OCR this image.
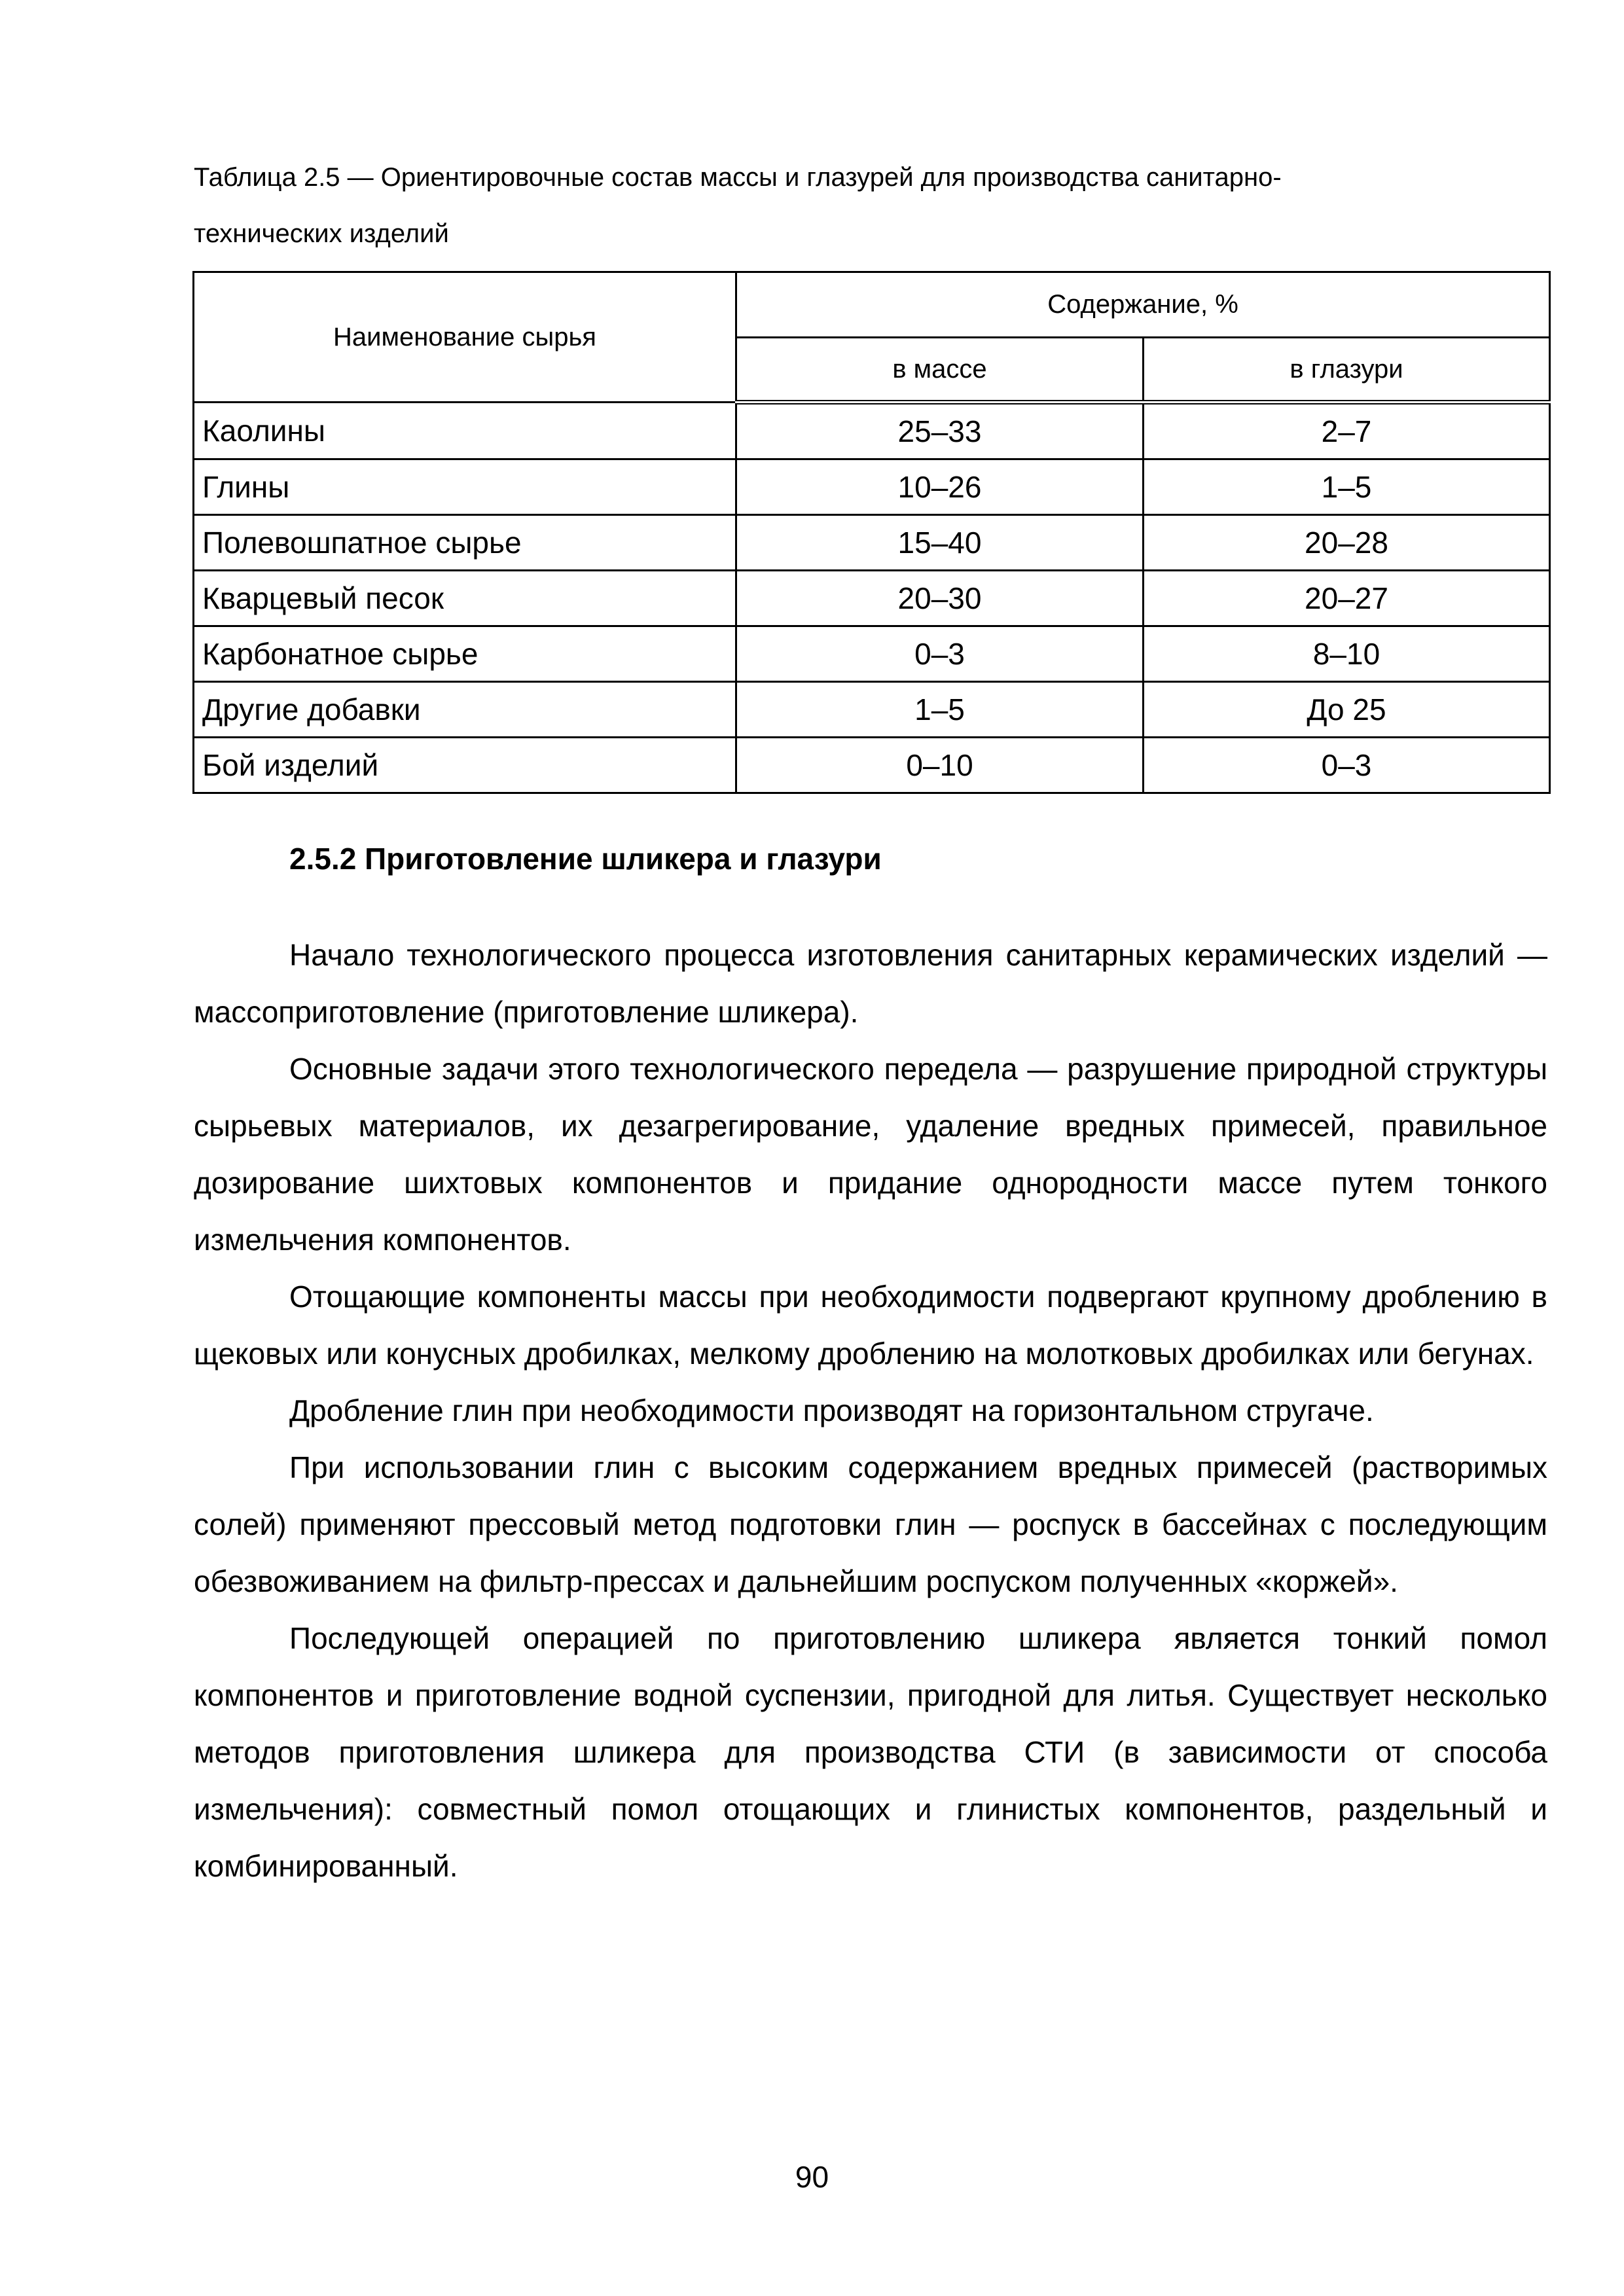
Таблица 2.5 — Ориентировочные состав массы и глазурей для производства санитарно-
технических изделий
Наименование сырья	Содержание, %	
	в массе	в глазури
Каолины	25–33	2–7
Глины	10–26	1–5
Полевошпатное сырье	15–40	20–28
Кварцевый песок	20–30	20–27
Карбонатное сырье	0–3	8–10
Другие добавки	1–5	До 25
Бой изделий	0–10	0–3
2.5.2 Приготовление шликера и глазури

Начало технологического процесса изготовления санитарных керамических изделий — массоприготовление (приготовление шликера).

Основные задачи этого технологического передела — разрушение природной структуры сырьевых материалов, их дезагрегирование, удаление вредных примесей, правильное дозирование шихтовых компонентов и придание однородности массе путем тонкого измельчения компонентов.

Отощающие компоненты массы при необходимости подвергают крупному дроблению в щековых или конусных дробилках, мелкому дроблению на молотковых дробилках или бегунах.

Дробление глин при необходимости производят на горизонтальном стругаче.

При использовании глин с высоким содержанием вредных примесей (растворимых солей) применяют прессовый метод подготовки глин — роспуск в бассейнах с последующим обезвоживанием на фильтр-прессах и дальнейшим роспуском полученных «коржей».

Последующей операцией по приготовлению шликера является тонкий помол компонентов и приготовление водной суспензии, пригодной для литья. Существует несколько методов приготовления шликера для производства СТИ (в зависимости от способа измельчения): совместный помол отощающих и глинистых компонентов, раздельный и комбинированный.

90
